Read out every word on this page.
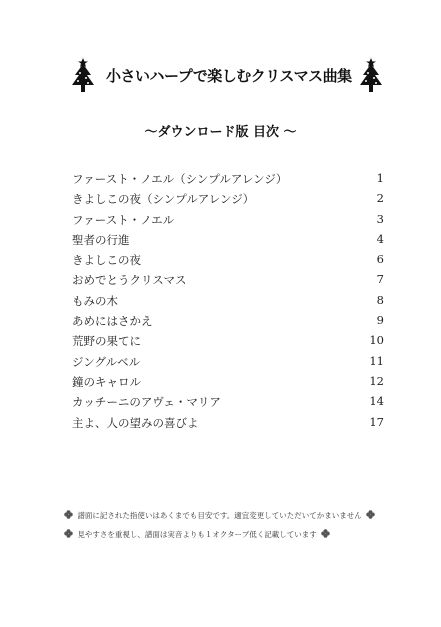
小さいハープで楽しむクリスマス曲集
～ダウンロード版 目次 ～
ファースト・ノエル（シンプルアレンジ）	1
きよしこの夜（シンプルアレンジ）	2
ファースト・ノエル	3
聖者の行進	4
きよしこの夜	6
おめでとうクリスマス	7
もみの木	8
あめにはさかえ	9
荒野の果てに	10
ジングルベル	11
鐘のキャロル	12
カッチーニのアヴェ・マリア	14
主よ、人の望みの喜びよ	17
譜面に記された指使いはあくまでも目安です。適宜変更していただいてかまいません
見やすさを重視し、譜面は実音よりも１オクターブ低く記載しています
